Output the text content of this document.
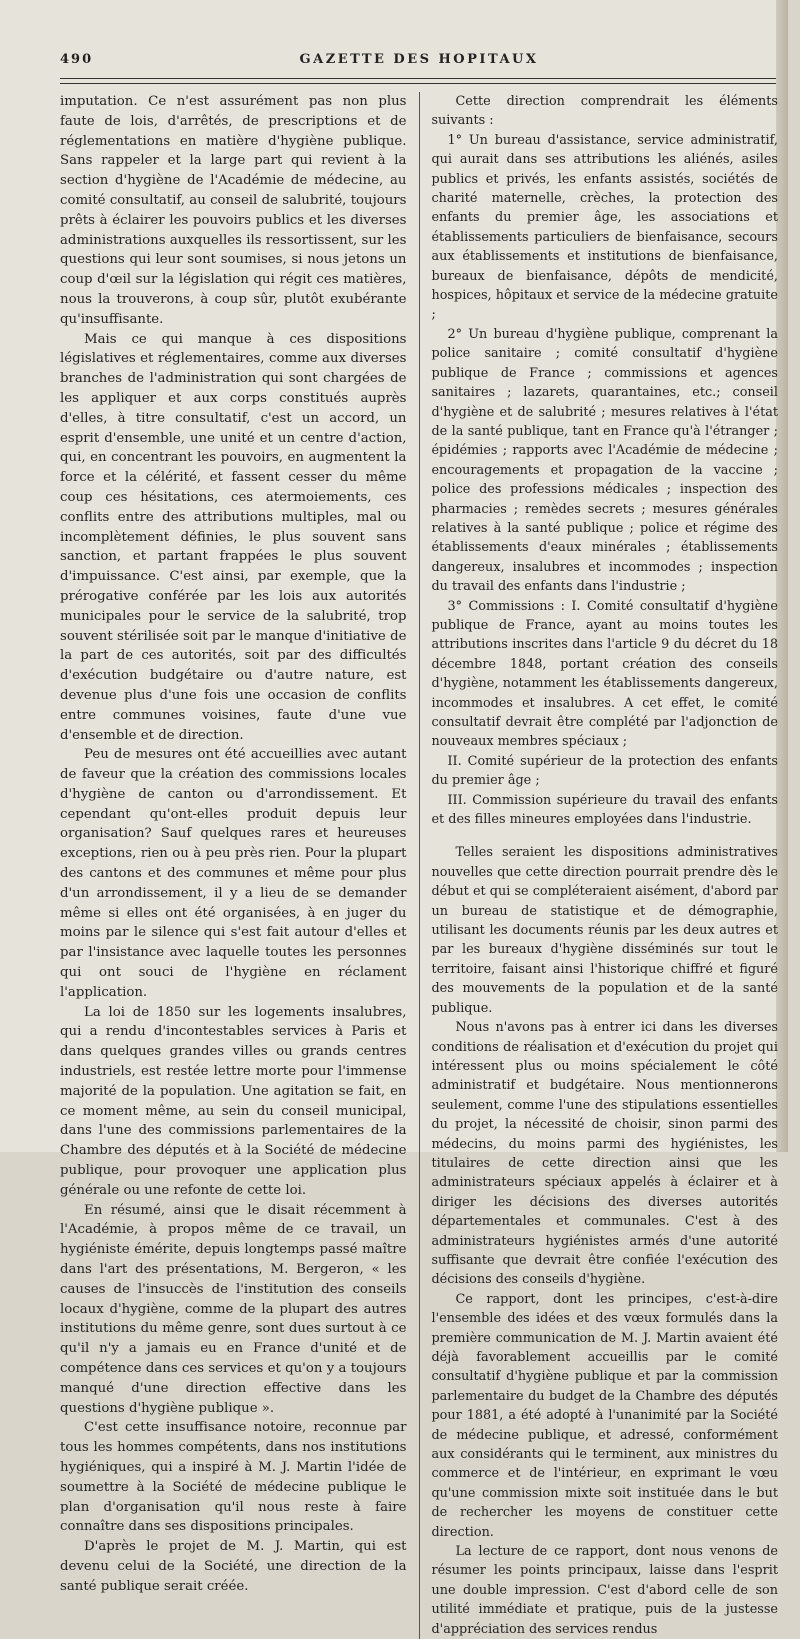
490	GAZETTE DES HOPITAUX

imputation. Ce n'est assurément pas non plus faute de lois, d'arrêtés, de prescriptions et de réglementations en matière d'hygiène publique. Sans rappeler et la large part qui revient à la section d'hygiène de l'Académie de médecine, au comité consultatif, au conseil de salubrité, toujours prêts à éclairer les pouvoirs publics et les diverses administrations auxquelles ils ressortissent, sur les questions qui leur sont soumises, si nous jetons un coup d'œil sur la législation qui régit ces matières, nous la trouverons, à coup sûr, plutôt exubérante qu'insuffisante.

Mais ce qui manque à ces dispositions législatives et réglementaires, comme aux diverses branches de l'administration qui sont chargées de les appliquer et aux corps constitués auprès d'elles, à titre consultatif, c'est un accord, un esprit d'ensemble, une unité et un centre d'action, qui, en concentrant les pouvoirs, en augmentent la force et la célérité, et fassent cesser du même coup ces hésitations, ces atermoiements, ces conflits entre des attributions multiples, mal ou incomplètement définies, le plus souvent sans sanction, et partant frappées le plus souvent d'impuissance. C'est ainsi, par exemple, que la prérogative conférée par les lois aux autorités municipales pour le service de la salubrité, trop souvent stérilisée soit par le manque d'initiative de la part de ces autorités, soit par des difficultés d'exécution budgétaire ou d'autre nature, est devenue plus d'une fois une occasion de conflits entre communes voisines, faute d'une vue d'ensemble et de direction.

Peu de mesures ont été accueillies avec autant de faveur que la création des commissions locales d'hygiène de canton ou d'arrondissement. Et cependant qu'ont-elles produit depuis leur organisation? Sauf quelques rares et heureuses exceptions, rien ou à peu près rien. Pour la plupart des cantons et des communes et même pour plus d'un arrondissement, il y a lieu de se demander même si elles ont été organisées, à en juger du moins par le silence qui s'est fait autour d'elles et par l'insistance avec laquelle toutes les personnes qui ont souci de l'hygiène en réclament l'application.

La loi de 1850 sur les logements insalubres, qui a rendu d'incontestables services à Paris et dans quelques grandes villes ou grands centres industriels, est restée lettre morte pour l'immense majorité de la population. Une agitation se fait, en ce moment même, au sein du conseil municipal, dans l'une des commissions parlementaires de la Chambre des députés et à la Société de médecine publique, pour provoquer une application plus générale ou une refonte de cette loi.

En résumé, ainsi que le disait récemment à l'Académie, à propos même de ce travail, un hygiéniste émérite, depuis longtemps passé maître dans l'art des présentations, M. Bergeron, « les causes de l'insuccès de l'institution des conseils locaux d'hygiène, comme de la plupart des autres institutions du même genre, sont dues surtout à ce qu'il n'y a jamais eu en France d'unité et de compétence dans ces services et qu'on y a toujours manqué d'une direction effective dans les questions d'hygiène publique ».

C'est cette insuffisance notoire, reconnue par tous les hommes compétents, dans nos institutions hygiéniques, qui a inspiré à M. J. Martin l'idée de soumettre à la Société de médecine publique le plan d'organisation qu'il nous reste à faire connaître dans ses dispositions principales.

D'après le projet de M. J. Martin, qui est devenu celui de la Société, une direction de la santé publique serait créée.

Cette direction comprendrait les éléments suivants :

1° Un bureau d'assistance, service administratif, qui aurait dans ses attributions les aliénés, asiles publics et privés, les enfants assistés, sociétés de charité maternelle, crèches, la protection des enfants du premier âge, les associations et établissements particuliers de bienfaisance, secours aux établissements et institutions de bienfaisance, bureaux de bienfaisance, dépôts de mendicité, hospices, hôpitaux et service de la médecine gratuite ;

2° Un bureau d'hygiène publique, comprenant la police sanitaire ; comité consultatif d'hygiène publique de France ; commissions et agences sanitaires ; lazarets, quarantaines, etc.; conseil d'hygiène et de salubrité ; mesures relatives à l'état de la santé publique, tant en France qu'à l'étranger ; épidémies ; rapports avec l'Académie de médecine ; encouragements et propagation de la vaccine ; police des professions médicales ; inspection des pharmacies ; remèdes secrets ; mesures générales relatives à la santé publique ; police et régime des établissements d'eaux minérales ; établissements dangereux, insalubres et incommodes ; inspection du travail des enfants dans l'industrie ;

3° Commissions : I. Comité consultatif d'hygiène publique de France, ayant au moins toutes les attributions inscrites dans l'article 9 du décret du 18 décembre 1848, portant création des conseils d'hygiène, notamment les établissements dangereux, incommodes et insalubres. A cet effet, le comité consultatif devrait être complété par l'adjonction de nouveaux membres spéciaux ;

II. Comité supérieur de la protection des enfants du premier âge ;

III. Commission supérieure du travail des enfants et des filles mineures employées dans l'industrie.

Telles seraient les dispositions administratives nouvelles que cette direction pourrait prendre dès le début et qui se compléteraient aisément, d'abord par un bureau de statistique et de démographie, utilisant les documents réunis par les deux autres et par les bureaux d'hygiène disséminés sur tout le territoire, faisant ainsi l'historique chiffré et figuré des mouvements de la population et de la santé publique.

Nous n'avons pas à entrer ici dans les diverses conditions de réalisation et d'exécution du projet qui intéressent plus ou moins spécialement le côté administratif et budgétaire. Nous mentionnerons seulement, comme l'une des stipulations essentielles du projet, la nécessité de choisir, sinon parmi des médecins, du moins parmi des hygiénistes, les titulaires de cette direction ainsi que les administrateurs spéciaux appelés à éclairer et à diriger les décisions des diverses autorités départementales et communales. C'est à des administrateurs hygiénistes armés d'une autorité suffisante que devrait être confiée l'exécution des décisions des conseils d'hygiène.

Ce rapport, dont les principes, c'est-à-dire l'ensemble des idées et des vœux formulés dans la première communication de M. J. Martin avaient été déjà favorablement accueillis par le comité consultatif d'hygiène publique et par la commission parlementaire du budget de la Chambre des députés pour 1881, a été adopté à l'unanimité par la Société de médecine publique, et adressé, conformément aux considérants qui le terminent, aux ministres du commerce et de l'intérieur, en exprimant le vœu qu'une commission mixte soit instituée dans le but de rechercher les moyens de constituer cette direction.

La lecture de ce rapport, dont nous venons de résumer les points principaux, laisse dans l'esprit une double impression. C'est d'abord celle de son utilité immédiate et pratique, puis de la justesse d'appréciation des services rendus
